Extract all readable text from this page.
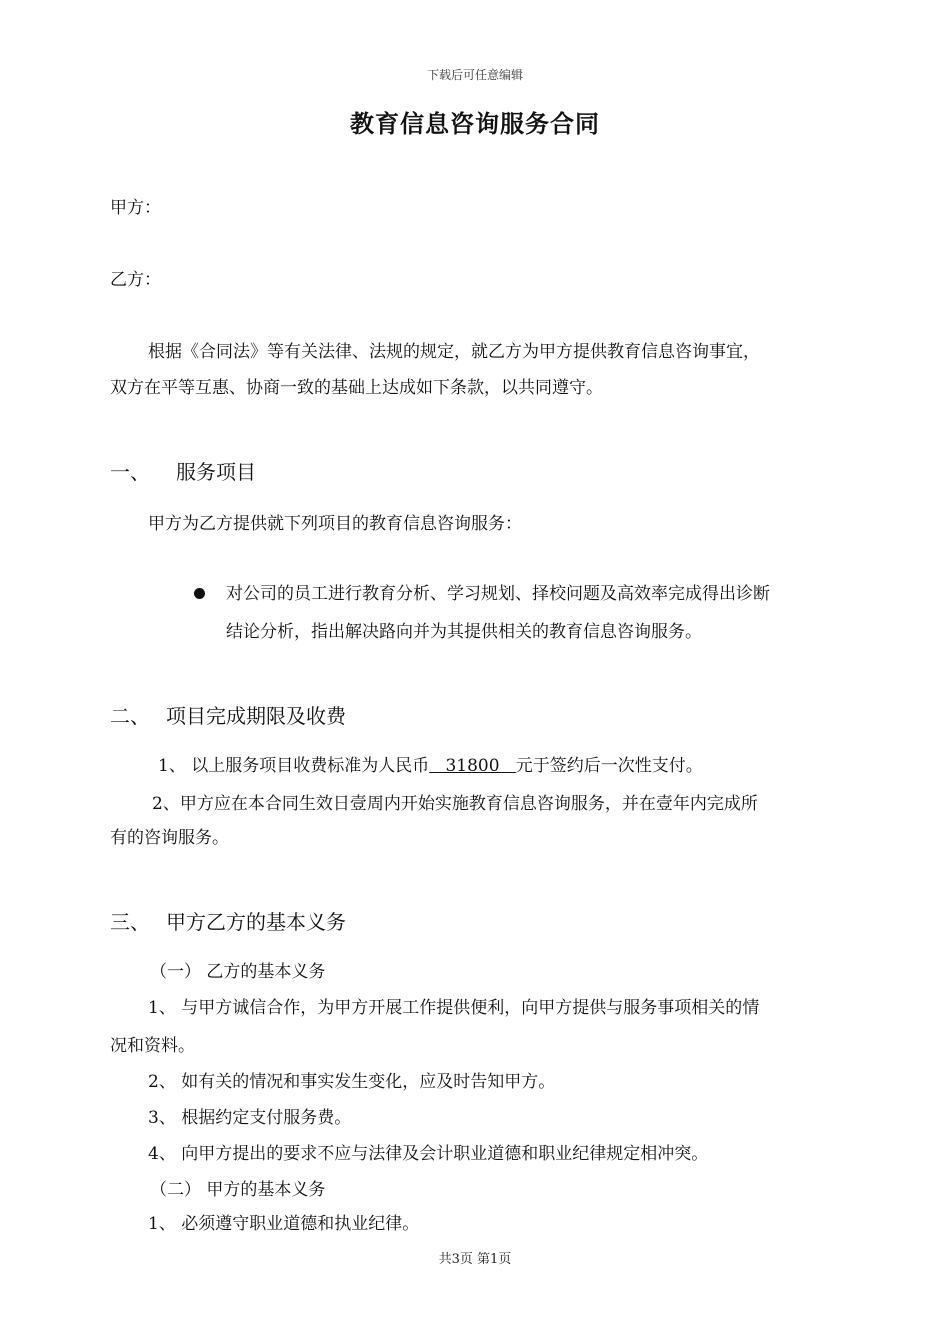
下载后可任意编辑
教育信息咨询服务合同
甲方：
乙方：
根据《合同法》等有关法律、法规的规定，就乙方为甲方提供教育信息咨询事宜，
双方在平等互惠、协商一致的基础上达成如下条款，以共同遵守。
一、 服务项目
甲方为乙方提供就下列项目的教育信息咨询服务：
对公司的员工进行教育分析、学习规划、择校问题及高效率完成得出诊断
结论分析，指出解决路向并为其提供相关的教育信息咨询服务。
二、 项目完成期限及收费
1、 以上服务项目收费标准为人民币   31800   元于签约后一次性支付。
2、甲方应在本合同生效日壹周内开始实施教育信息咨询服务，并在壹年内完成所
有的咨询服务。
三、 甲方乙方的基本义务
（一） 乙方的基本义务
1、 与甲方诚信合作，为甲方开展工作提供便利，向甲方提供与服务事项相关的情
况和资料。
2、 如有关的情况和事实发生变化，应及时告知甲方。
3、 根据约定支付服务费。
4、 向甲方提出的要求不应与法律及会计职业道德和职业纪律规定相冲突。
（二） 甲方的基本义务
1、 必须遵守职业道德和执业纪律。
共3页 第1页
